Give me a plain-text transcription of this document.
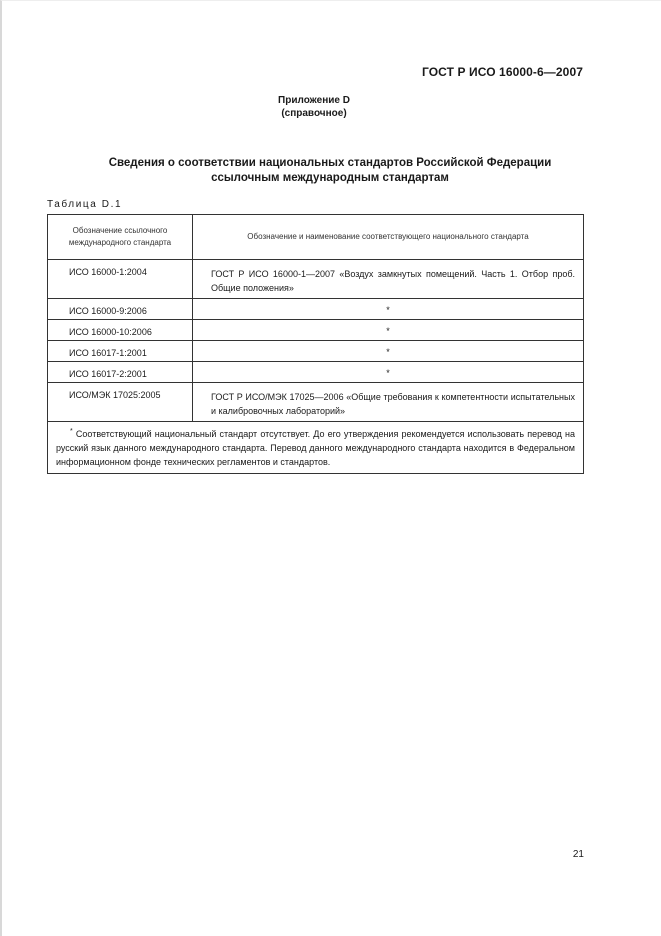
ГОСТ Р ИСО 16000-6—2007
Приложение D
(справочное)
Сведения о соответствии национальных стандартов Российской Федерации
ссылочным международным стандартам
Таблица D.1
Обозначение ссылочного международного стандарта	Обозначение и наименование соответствующего национального стандарта
ИСО 16000-1:2004	ГОСТ Р ИСО 16000-1—2007 «Воздух замкнутых помещений. Часть 1. Отбор проб. Общие положения»
ИСО 16000-9:2006	*
ИСО 16000-10:2006	*
ИСО 16017-1:2001	*
ИСО 16017-2:2001	*
ИСО/МЭК 17025:2005	ГОСТ Р ИСО/МЭК 17025—2006 «Общие требования к компетентности испытательных и калибровочных лабораторий»
* Соответствующий национальный стандарт отсутствует. До его утверждения рекомендуется использовать перевод на русский язык данного международного стандарта. Перевод данного международного стандарта находится в Федеральном информационном фонде технических регламентов и стандартов.	
21
